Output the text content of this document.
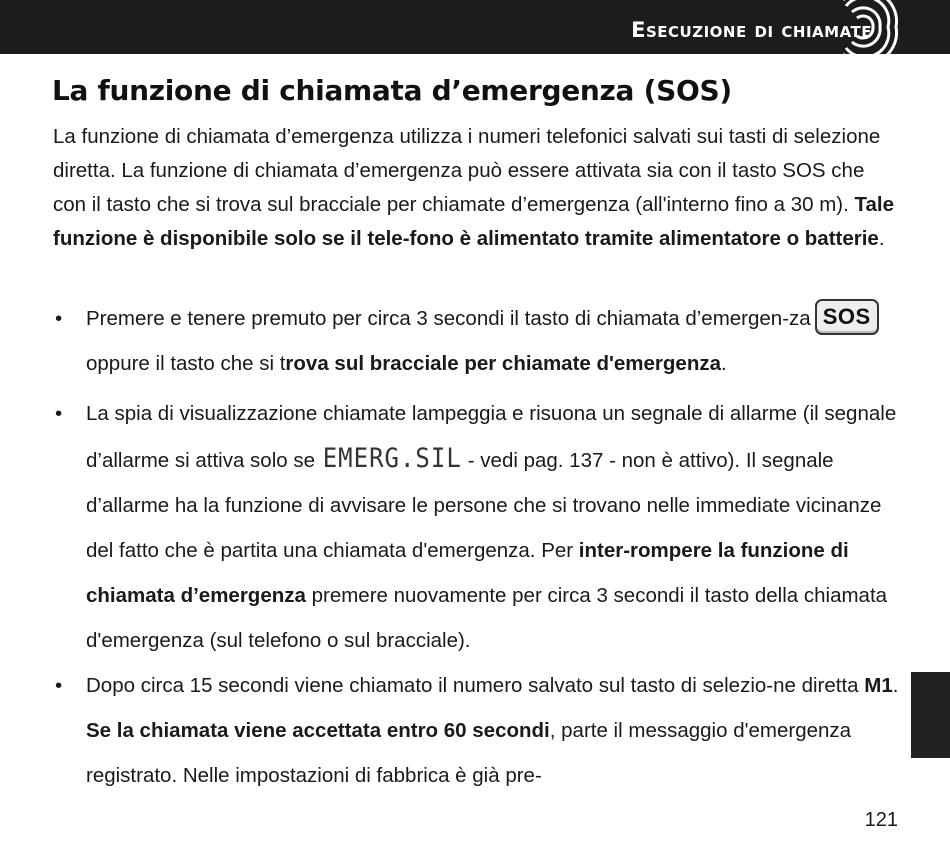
Esecuzione di chiamate
La funzione di chiamata d’emergenza (SOS)

La funzione di chiamata d’emergenza utilizza i numeri telefonici salvati sui tasti di selezione diretta. La funzione di chiamata d’emergenza può essere attivata sia con il tasto SOS che con il tasto che si trova sul bracciale per chiamate d’emergenza (all'interno fino a 30 m). Tale funzione è disponibile solo se il tele-fono è alimentato tramite alimentatore o batterie.

• Premere e tenere premuto per circa 3 secondi il tasto di chiamata d’emergen-za SOSoppure il tasto che si trova sul bracciale per chiamate d'emergenza.
• La spia di visualizzazione chiamate lampeggia e risuona un segnale di allarme (il segnale d’allarme si attiva solo se EMERG.SIL - vedi pag. 137 - non è attivo). Il segnale d’allarme ha la funzione di avvisare le persone che si trovano nelle immediate vicinanze del fatto che è partita una chiamata d'emergenza. Per inter-rompere la funzione di chiamata d’emergenza premere nuovamente per circa 3 secondi il tasto della chiamata d'emergenza (sul telefono o sul bracciale).
• Dopo circa 15 secondi viene chiamato il numero salvato sul tasto di selezio-ne diretta M1. Se la chiamata viene accettata entro 60 secondi, parte il messaggio d'emergenza registrato. Nelle impostazioni di fabbrica è già pre-
121
